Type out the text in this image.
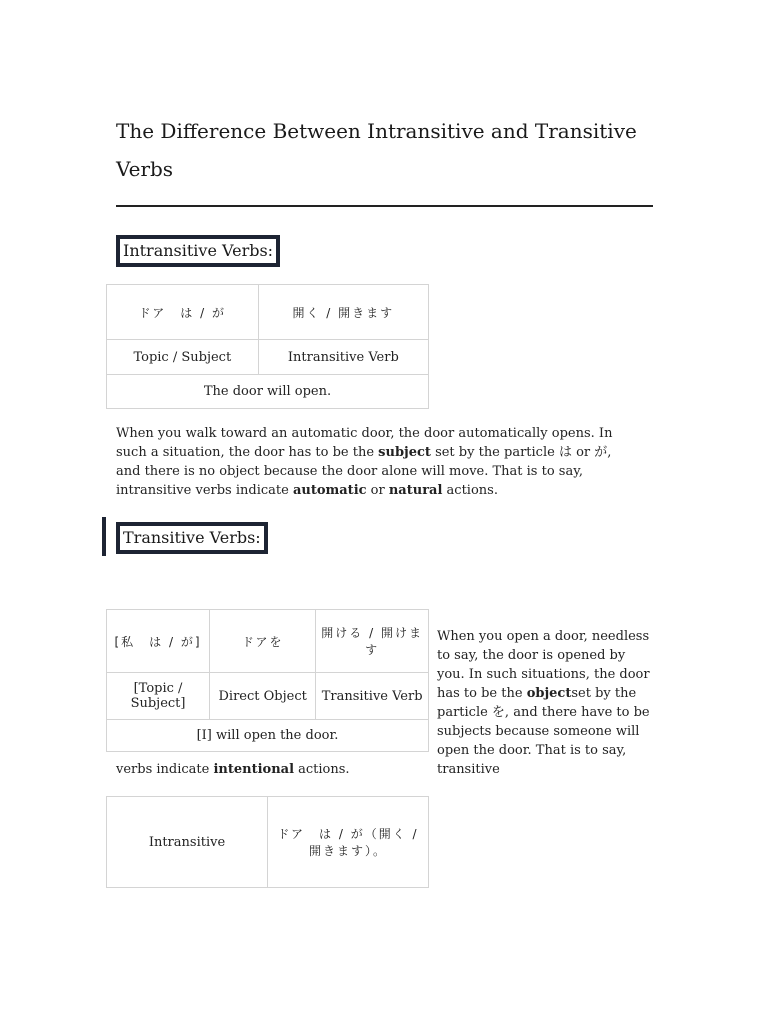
The Difference Between Intransitive and Transitive Verbs
Intransitive Verbs:
ドア　は / が	開く / 開きます
Topic / Subject	Intransitive Verb
The door will open.	

When you walk toward an automatic door, the door automatically opens. In such a situation, the door has to be the subject set by the particle は or が, and there is no object because the door alone will move. That is to say, intransitive verbs indicate automatic or natural actions.

Transitive Verbs:
[私　は / が]	ドアを	開ける / 開けます
[Topic / Subject]	Direct Object	Transitive Verb
[I] will open the door.		

When you open a door, needless to say, the door is opened by you. In such situations, the door has to be the objectset by the particle を, and there have to be subjects because someone will open the door. That is to say, transitive

verbs indicate intentional actions.

Intransitive	ドア　は / が（開く / 開きます）。
